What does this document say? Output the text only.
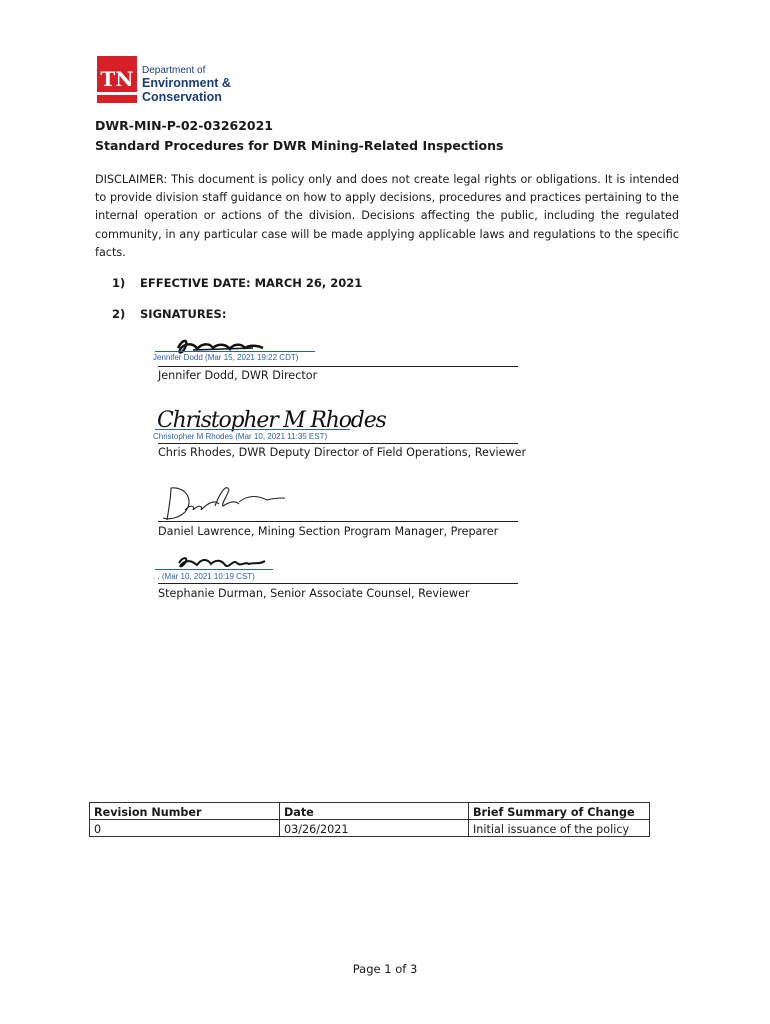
TN Department of
Environment &
Conservation
DWR-MIN-P-02-03262021
Standard Procedures for DWR Mining-Related Inspections
DISCLAIMER: This document is policy only and does not create legal rights or obligations. It is intended to provide division staff guidance on how to apply decisions, procedures and practices pertaining to the internal operation or actions of the division. Decisions affecting the public, including the regulated community, in any particular case will be made applying applicable laws and regulations to the specific facts.
1) EFFECTIVE DATE: MARCH 26, 2021
2) SIGNATURES:
Jennifer Dodd (Mar 15, 2021 19:22 CDT)
Jennifer Dodd, DWR Director
Christopher M Rhodes
Christopher M Rhodes (Mar 10, 2021 11:35 EST)
Chris Rhodes, DWR Deputy Director of Field Operations, Reviewer
Daniel Lawrence, Mining Section Program Manager, Preparer
. . (Mar 10, 2021 10:19 CST)
Stephanie Durman, Senior Associate Counsel, Reviewer
Revision Number	Date	Brief Summary of Change
0	03/26/2021	Initial issuance of the policy
Page 1 of 3
